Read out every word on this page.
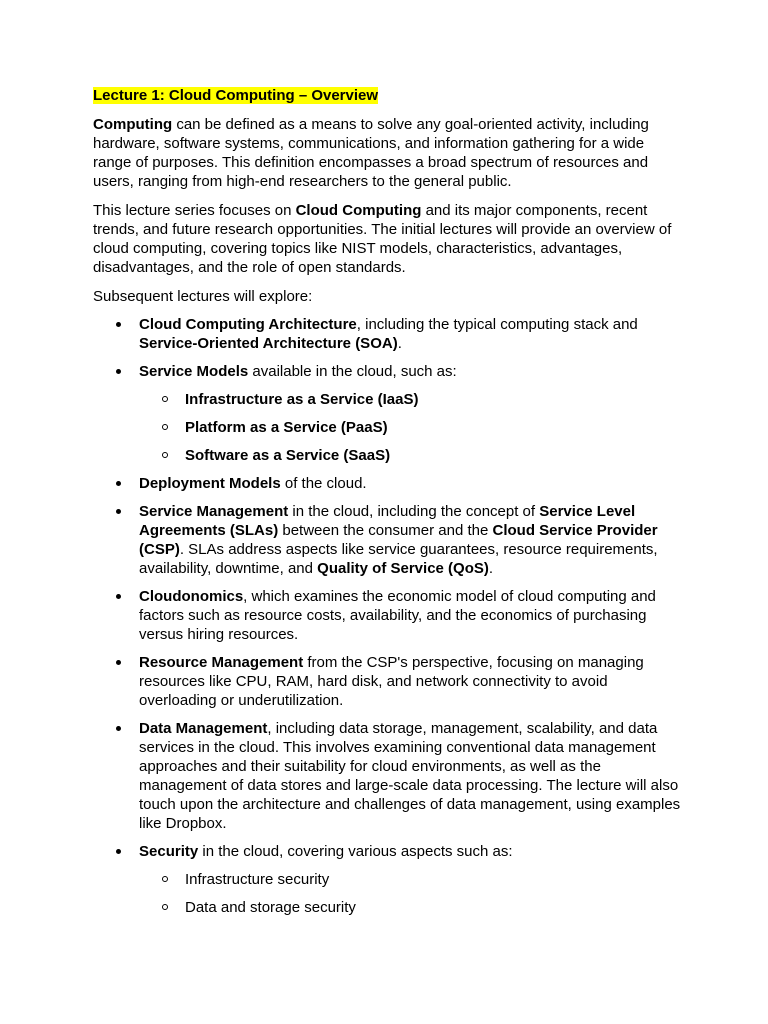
Lecture 1: Cloud Computing – Overview

Computing can be defined as a means to solve any goal-oriented activity, including hardware, software systems, communications, and information gathering for a wide range of purposes. This definition encompasses a broad spectrum of resources and users, ranging from high-end researchers to the general public.

This lecture series focuses on Cloud Computing and its major components, recent trends, and future research opportunities. The initial lectures will provide an overview of cloud computing, covering topics like NIST models, characteristics, advantages, disadvantages, and the role of open standards.

Subsequent lectures will explore:

Cloud Computing Architecture, including the typical computing stack and Service-Oriented Architecture (SOA).
Service Models available in the cloud, such as:
Infrastructure as a Service (IaaS)
Platform as a Service (PaaS)
Software as a Service (SaaS)
Deployment Models of the cloud.
Service Management in the cloud, including the concept of Service Level Agreements (SLAs) between the consumer and the Cloud Service Provider (CSP). SLAs address aspects like service guarantees, resource requirements, availability, downtime, and Quality of Service (QoS).
Cloudonomics, which examines the economic model of cloud computing and factors such as resource costs, availability, and the economics of purchasing versus hiring resources.
Resource Management from the CSP's perspective, focusing on managing resources like CPU, RAM, hard disk, and network connectivity to avoid overloading or underutilization.
Data Management, including data storage, management, scalability, and data services in the cloud. This involves examining conventional data management approaches and their suitability for cloud environments, as well as the management of data stores and large-scale data processing. The lecture will also touch upon the architecture and challenges of data management, using examples like Dropbox.
Security in the cloud, covering various aspects such as:
Infrastructure security
Data and storage security
